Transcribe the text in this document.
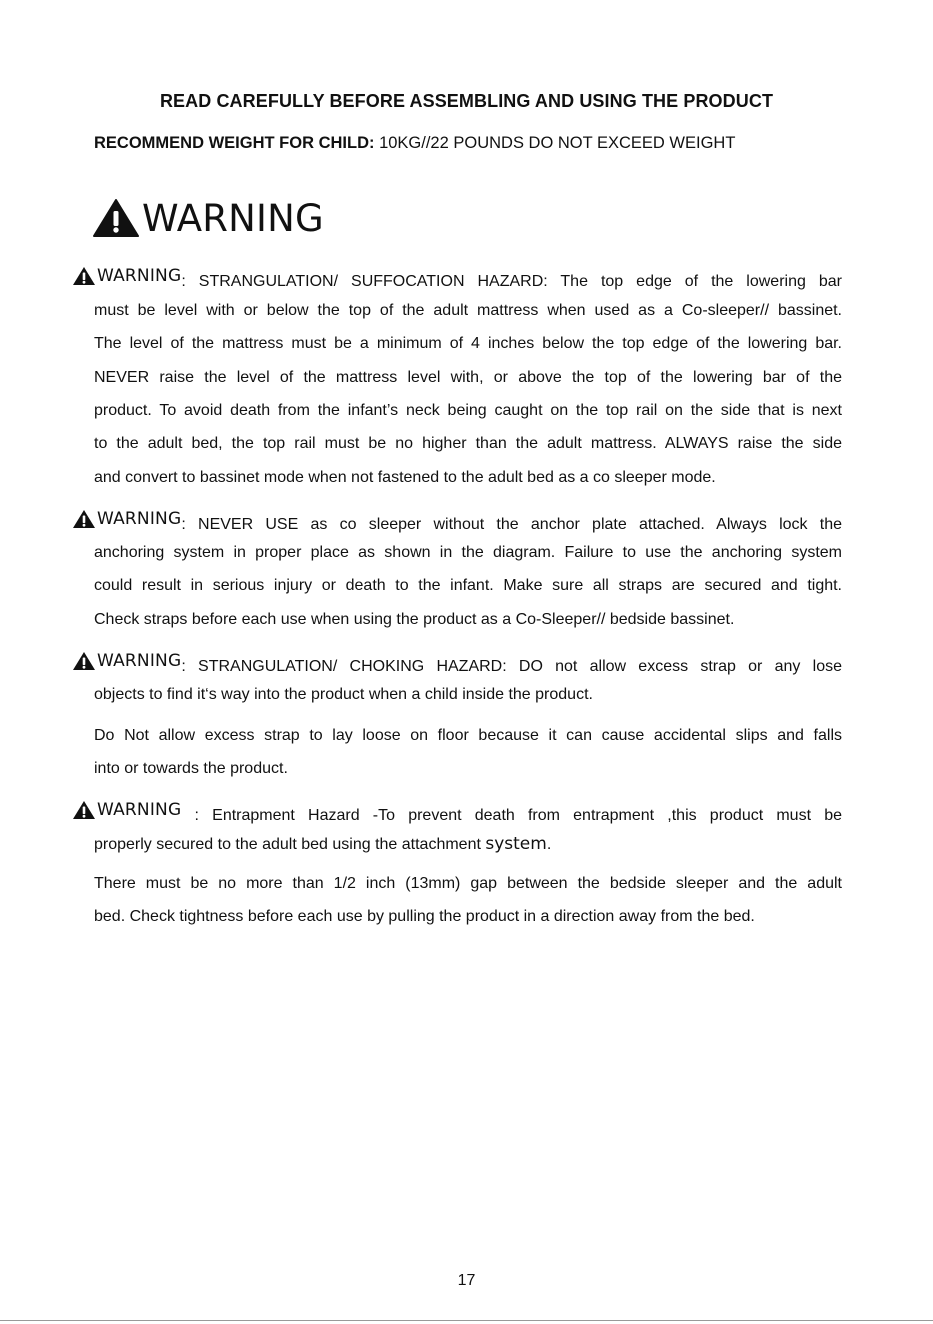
READ CAREFULLY BEFORE ASSEMBLING AND USING THE PRODUCT
RECOMMEND WEIGHT FOR CHILD: 10KG//22 POUNDS DO NOT EXCEED WEIGHT
WARNING
WARNING : STRANGULATION/ SUFFOCATION HAZARD: The top edge of the lowering bar
must be level with or below the top of the adult mattress when used as a Co-sleeper// bassinet.
The level of the mattress must be a minimum of 4 inches below the top edge of the lowering bar.
NEVER raise the level of the mattress level with, or above the top of the lowering bar of the
product. To avoid death from the infant’s neck being caught on the top rail on the side that is next
to the adult bed, the top rail must be no higher than the adult mattress. ALWAYS raise the side
and convert to bassinet mode when not fastened to the adult bed as a co sleeper mode.
WARNING : NEVER USE as co sleeper without the anchor plate attached. Always lock the
anchoring system in proper place as shown in the diagram. Failure to use the anchoring system
could result in serious injury or death to the infant. Make sure all straps are secured and tight.
Check straps before each use when using the product as a Co-Sleeper// bedside bassinet.
WARNING : STRANGULATION/ CHOKING HAZARD: DO not allow excess strap or any lose
objects to find it‘s way into the product when a child inside the product.
Do Not allow excess strap to lay loose on floor because it can cause accidental slips and falls
into or towards the product.
WARNING : Entrapment Hazard -To prevent death from entrapment ,this product must be
properly secured to the adult bed using the attachment system.
There must be no more than 1/2 inch (13mm) gap between the bedside sleeper and the adult
bed. Check tightness before each use by pulling the product in a direction away from the bed.
17
